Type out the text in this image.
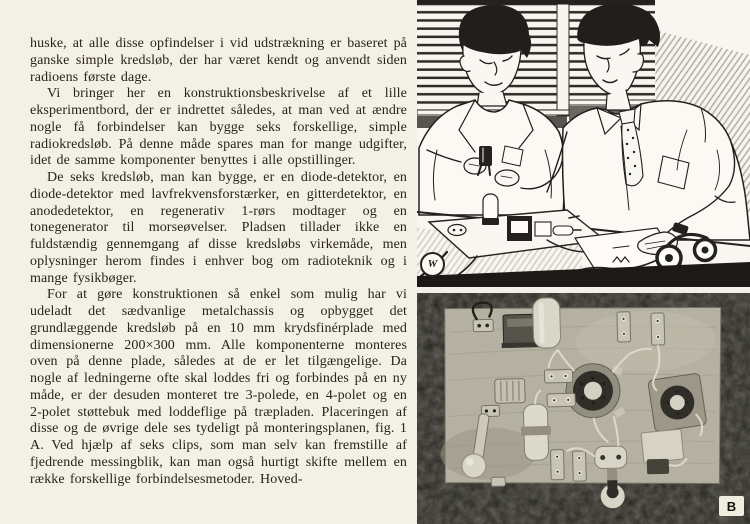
huske, at alle disse opfindelser i vid udstrækning er baseret på ganske simple kredsløb, der har været kendt og anvendt siden radioens første dage.

Vi bringer her en konstruktionsbeskrivelse af et lille eksperimentbord, der er indrettet således, at man ved at ændre nogle få forbindelser kan bygge seks forskellige, simple radiokredsløb. På denne måde spares man for mange udgifter, idet de samme komponenter benyttes i alle opstillinger.

De seks kredsløb, man kan bygge, er en diode-detektor, en diode-detektor med lavfrekvensforstærker, en gitterdetektor, en anodedetektor, en regenerativ 1-rørs modtager og en tonegenerator til morseøvelser. Pladsen tillader ikke en fuldstændig gennemgang af disse kredsløbs virkemåde, men oplysninger herom findes i enhver bog om radioteknik og i mange fysikbøger.

For at gøre konstruktionen så enkel som mulig har vi udeladt det sædvanlige metalchassis og opbygget det grundlæggende kredsløb på en 10 mm krydsfinérplade med dimensionerne 200×300 mm. Alle komponenterne monteres oven på denne plade, således at de er let tilgængelige. Da nogle af ledningerne ofte skal loddes fri og forbindes på en ny måde, er der desuden monteret tre 3-polede, en 4-polet og en 2-polet støttebuk med loddeflige på træpladen. Placeringen af disse og de øvrige dele ses tydeligt på monteringsplanen, fig. 1 A. Ved hjælp af seks clips, som man selv kan fremstille af fjedrende messingblik, kan man også hurtigt skifte mellem en række forskellige forbindelsesmetoder. Hoved-

W
B
